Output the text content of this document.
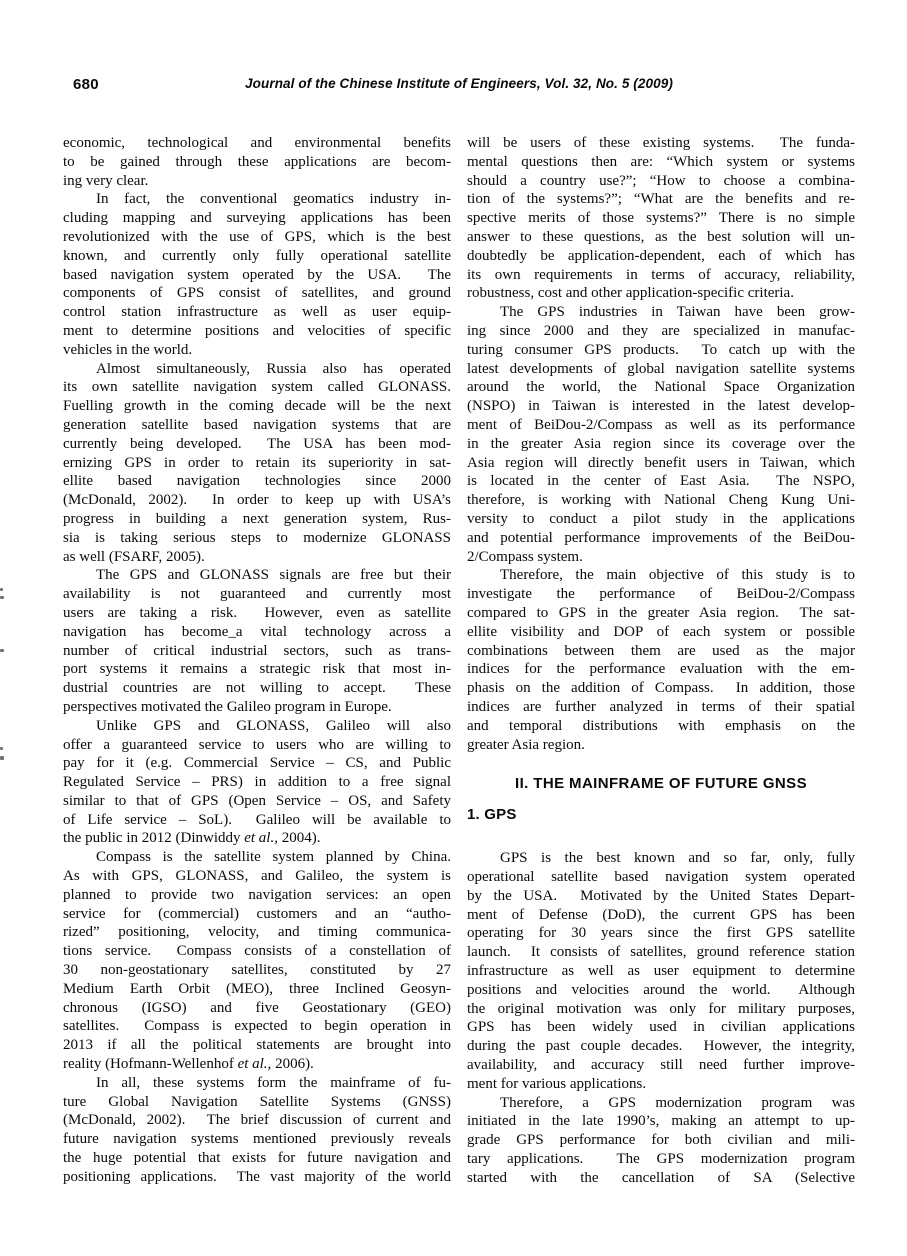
680	Journal of the Chinese Institute of Engineers, Vol. 32, No. 5 (2009)
economic, technological and environmental benefits
to be gained through these applications are becom-
ing very clear.
In fact, the conventional geomatics industry in-
cluding mapping and surveying applications has been
revolutionized with the use of GPS, which is the best
known, and currently only fully operational satellite
based navigation system operated by the USA.  The
components of GPS consist of satellites, and ground
control station infrastructure as well as user equip-
ment to determine positions and velocities of specific
vehicles in the world.
Almost simultaneously, Russia also has operated
its own satellite navigation system called GLONASS.
Fuelling growth in the coming decade will be the next
generation satellite based navigation systems that are
currently being developed.  The USA has been mod-
ernizing GPS in order to retain its superiority in sat-
ellite based navigation technologies since 2000
(McDonald, 2002).  In order to keep up with USA’s
progress in building a next generation system, Rus-
sia is taking serious steps to modernize GLONASS
as well (FSARF, 2005).
The GPS and GLONASS signals are free but their
availability is not guaranteed and currently most
users are taking a risk.  However, even as satellite
navigation has become_a vital technology across a
number of critical industrial sectors, such as trans-
port systems it remains a strategic risk that most in-
dustrial countries are not willing to accept.  These
perspectives motivated the Galileo program in Europe.
Unlike GPS and GLONASS, Galileo will also
offer a guaranteed service to users who are willing to
pay for it (e.g. Commercial Service – CS, and Public
Regulated Service – PRS) in addition to a free signal
similar to that of GPS (Open Service – OS, and Safety
of Life service – SoL).  Galileo will be available to
the public in 2012 (Dinwiddy et al., 2004).
Compass is the satellite system planned by China.
As with GPS, GLONASS, and Galileo, the system is
planned to provide two navigation services: an open
service for (commercial) customers and an “autho-
rized” positioning, velocity, and timing communica-
tions service.  Compass consists of a constellation of
30 non-geostationary satellites, constituted by 27
Medium Earth Orbit (MEO), three Inclined Geosyn-
chronous (IGSO) and five Geostationary (GEO)
satellites.  Compass is expected to begin operation in
2013 if all the political statements are brought into
reality (Hofmann-Wellenhof et al., 2006).
In all, these systems form the mainframe of fu-
ture Global Navigation Satellite Systems (GNSS)
(McDonald, 2002).  The brief discussion of current and
future navigation systems mentioned previously reveals
the huge potential that exists for future navigation and
positioning applications.  The vast majority of the world
will be users of these existing systems.  The funda-
mental questions then are: “Which system or systems
should a country use?”; “How to choose a combina-
tion of the systems?”; “What are the benefits and re-
spective merits of those systems?” There is no simple
answer to these questions, as the best solution will un-
doubtedly be application-dependent, each of which has
its own requirements in terms of accuracy, reliability,
robustness, cost and other application-specific criteria.
The GPS industries in Taiwan have been grow-
ing since 2000 and they are specialized in manufac-
turing consumer GPS products.  To catch up with the
latest developments of global navigation satellite systems
around the world, the National Space Organization
(NSPO) in Taiwan is interested in the latest develop-
ment of BeiDou-2/Compass as well as its performance
in the greater Asia region since its coverage over the
Asia region will directly benefit users in Taiwan, which
is located in the center of East Asia.  The NSPO,
therefore, is working with National Cheng Kung Uni-
versity to conduct a pilot study in the applications
and potential performance improvements of the BeiDou-
2/Compass system.
Therefore, the main objective of this study is to
investigate the performance of BeiDou-2/Compass
compared to GPS in the greater Asia region.  The sat-
ellite visibility and DOP of each system or possible
combinations between them are used as the major
indices for the performance evaluation with the em-
phasis on the addition of Compass.  In addition, those
indices are further analyzed in terms of their spatial
and temporal distributions with emphasis on the
greater Asia region.
II. THE MAINFRAME OF FUTURE GNSS
1. GPS
GPS is the best known and so far, only, fully
operational satellite based navigation system operated
by the USA.  Motivated by the United States Depart-
ment of Defense (DoD), the current GPS has been
operating for 30 years since the first GPS satellite
launch.  It consists of satellites, ground reference station
infrastructure as well as user equipment to determine
positions and velocities around the world.  Although
the original motivation was only for military purposes,
GPS has been widely used in civilian applications
during the past couple decades.  However, the integrity,
availability, and accuracy still need further improve-
ment for various applications.
Therefore, a GPS modernization program was
initiated in the late 1990’s, making an attempt to up-
grade GPS performance for both civilian and mili-
tary applications.  The GPS modernization program
started with the cancellation of SA (Selective
